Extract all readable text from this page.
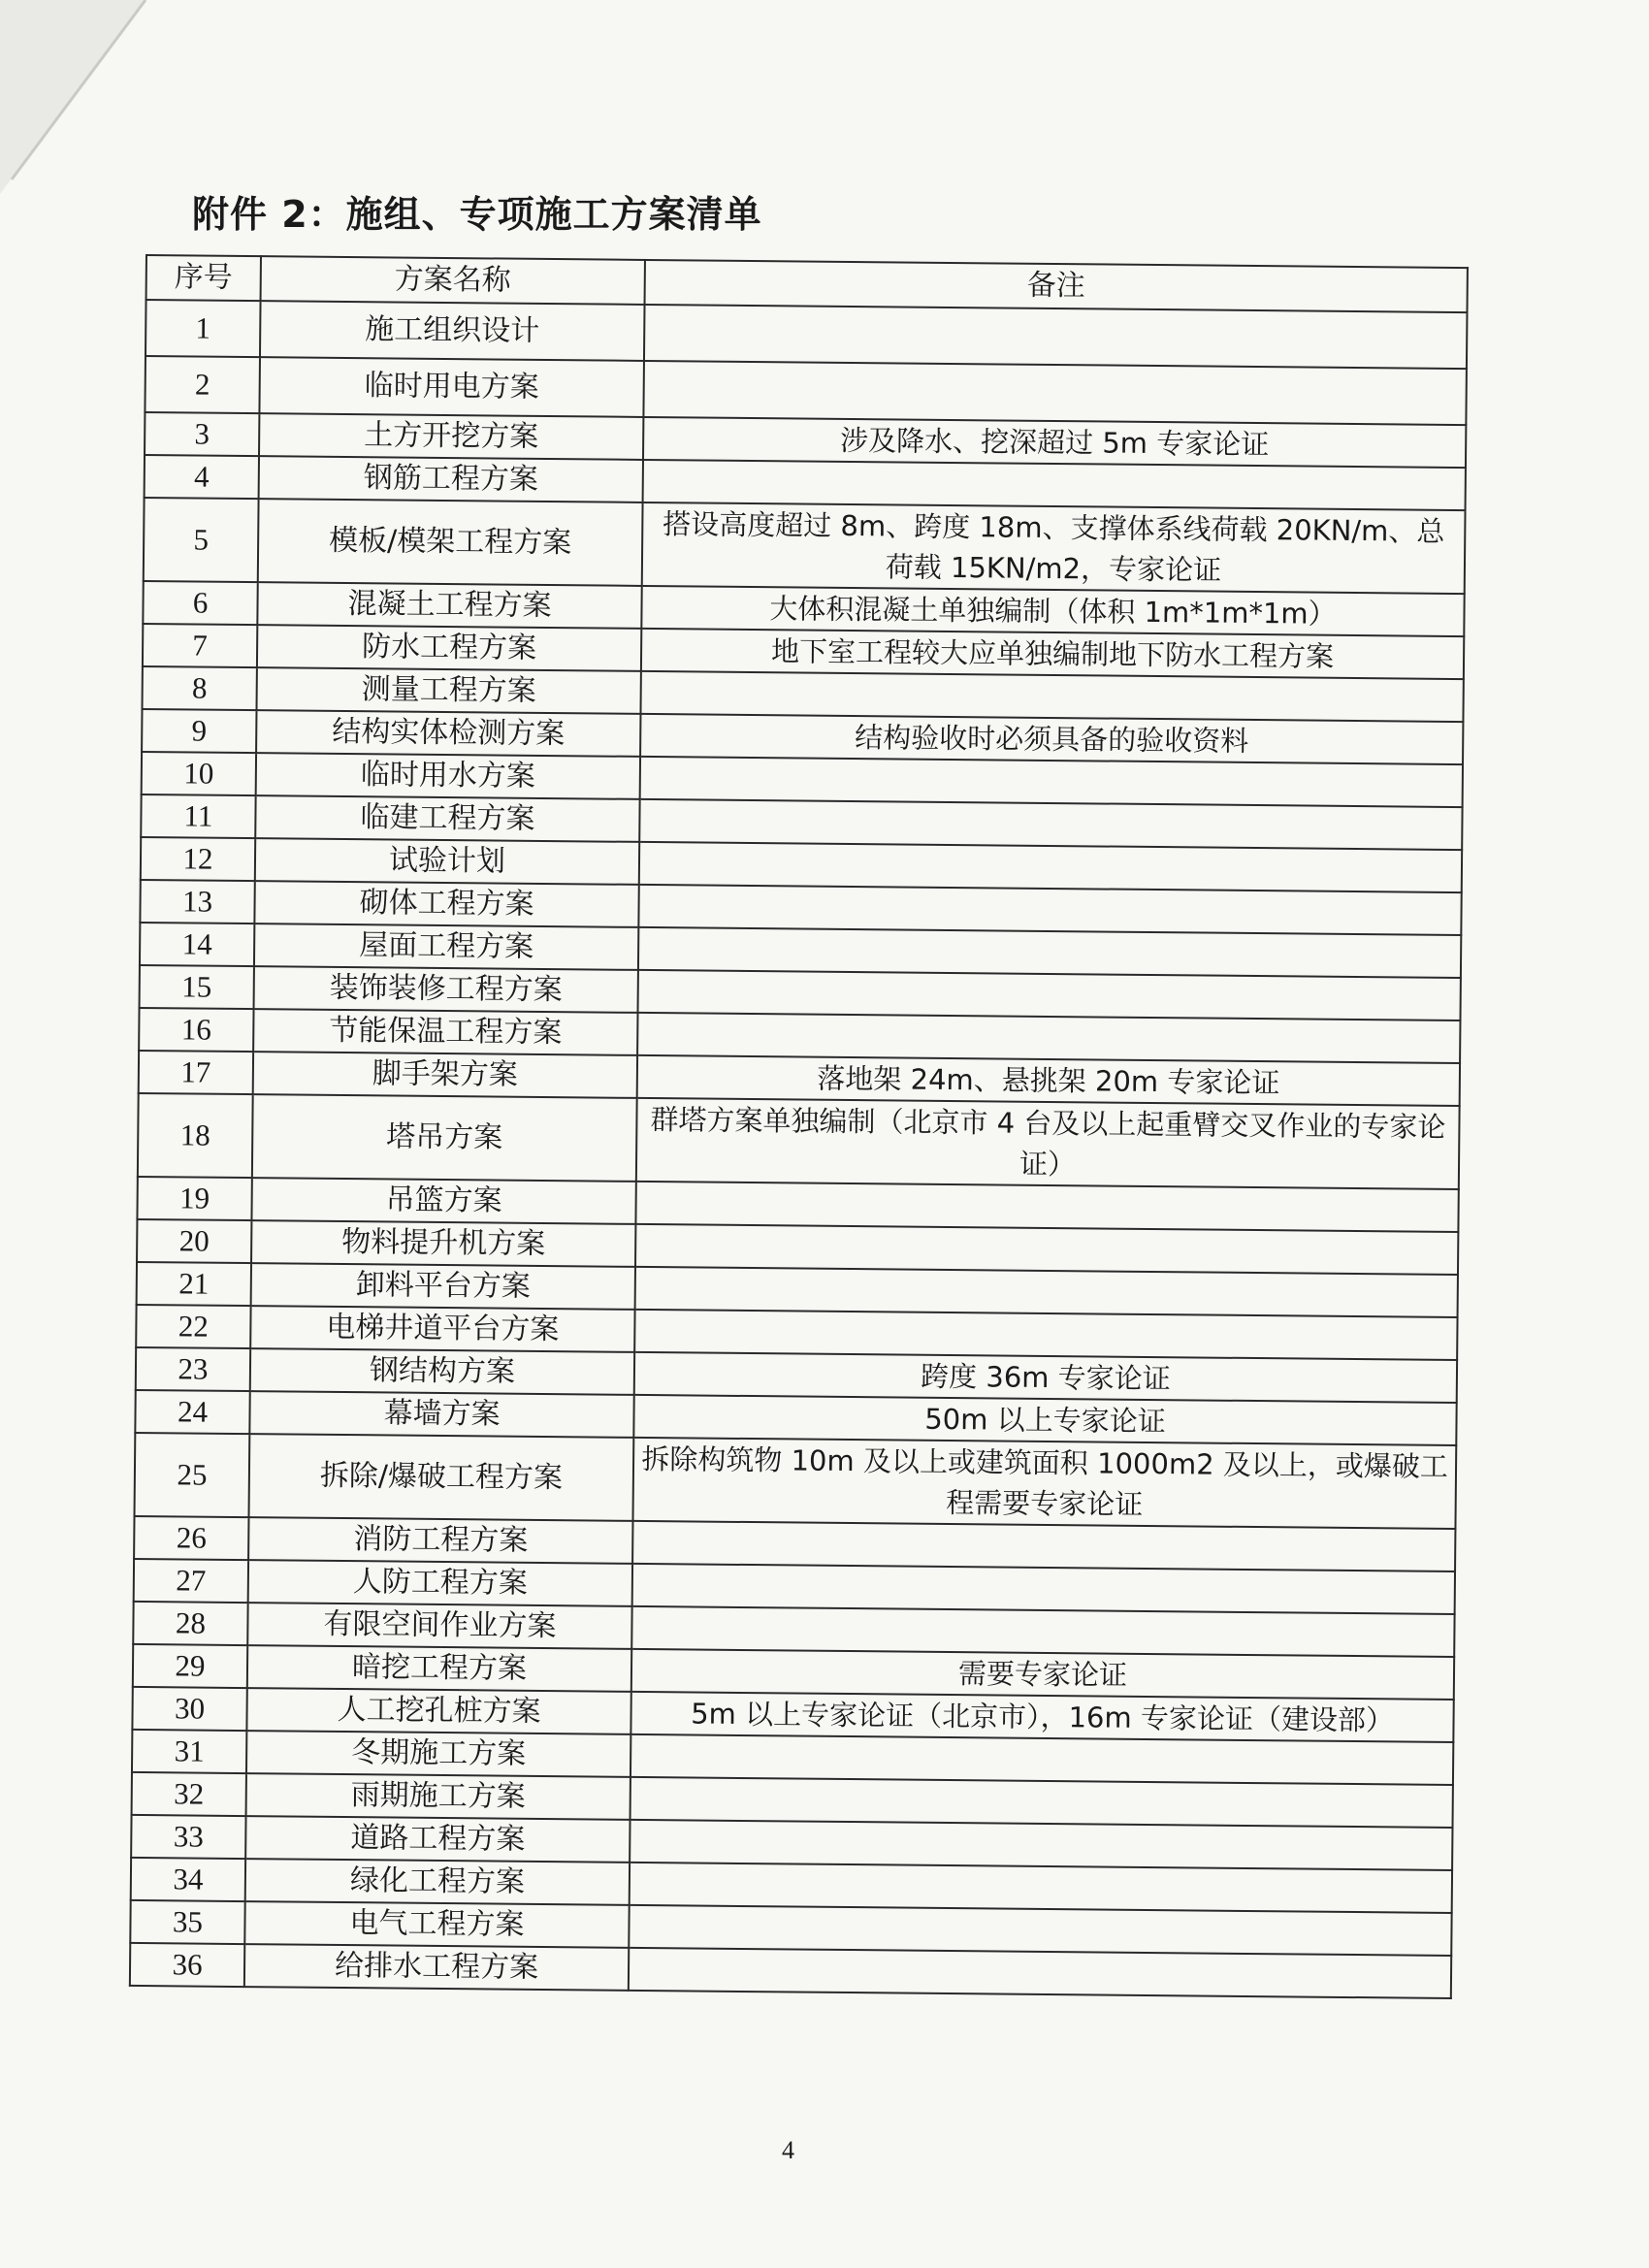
附件 2：施组、专项施工方案清单
序号	方案名称	备注
1	施工组织设计	
2	临时用电方案	
3	土方开挖方案	涉及降水、挖深超过 5m 专家论证
4	钢筋工程方案	
5	模板/模架工程方案	搭设高度超过 8m、跨度 18m、支撑体系线荷载 20KN/m、总荷载 15KN/m2，专家论证
6	混凝土工程方案	大体积混凝土单独编制（体积 1m*1m*1m）
7	防水工程方案	地下室工程较大应单独编制地下防水工程方案
8	测量工程方案	
9	结构实体检测方案	结构验收时必须具备的验收资料
10	临时用水方案	
11	临建工程方案	
12	试验计划	
13	砌体工程方案	
14	屋面工程方案	
15	装饰装修工程方案	
16	节能保温工程方案	
17	脚手架方案	落地架 24m、悬挑架 20m 专家论证
18	塔吊方案	群塔方案单独编制（北京市 4 台及以上起重臂交叉作业的专家论证）
19	吊篮方案	
20	物料提升机方案	
21	卸料平台方案	
22	电梯井道平台方案	
23	钢结构方案	跨度 36m 专家论证
24	幕墙方案	50m 以上专家论证
25	拆除/爆破工程方案	拆除构筑物 10m 及以上或建筑面积 1000m2 及以上，或爆破工程需要专家论证
26	消防工程方案	
27	人防工程方案	
28	有限空间作业方案	
29	暗挖工程方案	需要专家论证
30	人工挖孔桩方案	5m 以上专家论证（北京市），16m 专家论证（建设部）
31	冬期施工方案	
32	雨期施工方案	
33	道路工程方案	
34	绿化工程方案	
35	电气工程方案	
36	给排水工程方案	
4
